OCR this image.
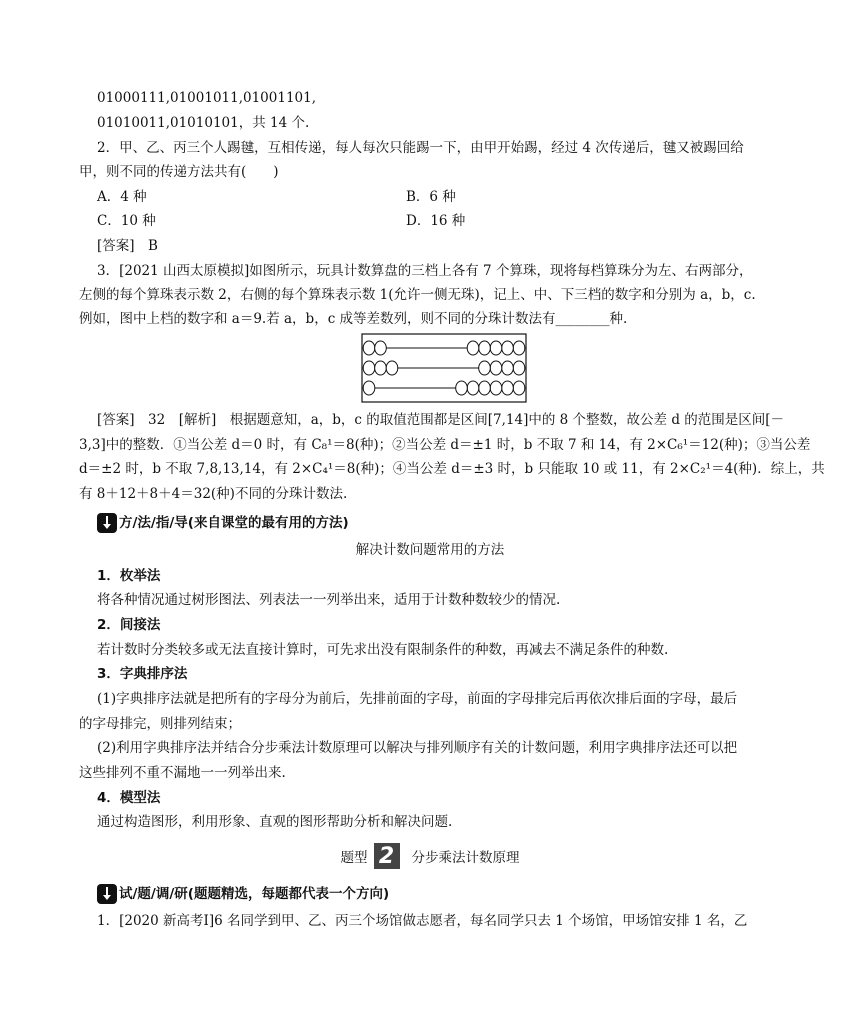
01000111,01001011,01001101,
01010011,01010101，共 14 个.
2．甲、乙、丙三个人踢毽，互相传递，每人每次只能踢一下，由甲开始踢，经过 4 次传递后，毽又被踢回给
甲，则不同的传递方法共有(　　)
A．4 种	B．6 种
C．10 种	D．16 种
[答案]　B
3．[2021 山西太原模拟]如图所示，玩具计数算盘的三档上各有 7 个算珠，现将每档算珠分为左、右两部分，
左侧的每个算珠表示数 2，右侧的每个算珠表示数 1(允许一侧无珠)，记上、中、下三档的数字和分别为 a，b，c.
例如，图中上档的数字和 a＝9.若 a，b，c 成等差数列，则不同的分珠计数法有________种.
[答案]　32　[解析]　根据题意知，a，b，c 的取值范围都是区间[7,14]中的 8 个整数，故公差 d 的范围是区间[－
3,3]中的整数．①当公差 d＝0 时，有 C₈¹＝8(种)；②当公差 d＝±1 时，b 不取 7 和 14，有 2×C₆¹＝12(种)；③当公差
d＝±2 时，b 不取 7,8,13,14，有 2×C₄¹＝8(种)；④当公差 d＝±3 时，b 只能取 10 或 11，有 2×C₂¹＝4(种)．综上，共
有 8＋12＋8＋4＝32(种)不同的分珠计数法.
方/法/指/导(来自课堂的最有用的方法)
解决计数问题常用的方法
1．枚举法
将各种情况通过树形图法、列表法一一列举出来，适用于计数种数较少的情况.
2．间接法
若计数时分类较多或无法直接计算时，可先求出没有限制条件的种数，再减去不满足条件的种数.
3．字典排序法
(1)字典排序法就是把所有的字母分为前后，先排前面的字母，前面的字母排完后再依次排后面的字母，最后
的字母排完，则排列结束；
(2)利用字典排序法并结合分步乘法计数原理可以解决与排列顺序有关的计数问题，利用字典排序法还可以把
这些排列不重不漏地一一列举出来.
4．模型法
通过构造图形，利用形象、直观的图形帮助分析和解决问题.
题型 2	分步乘法计数原理
试/题/调/研(题题精选，每题都代表一个方向)
1．[2020 新高考Ⅰ]6 名同学到甲、乙、丙三个场馆做志愿者，每名同学只去 1 个场馆，甲场馆安排 1 名，乙
